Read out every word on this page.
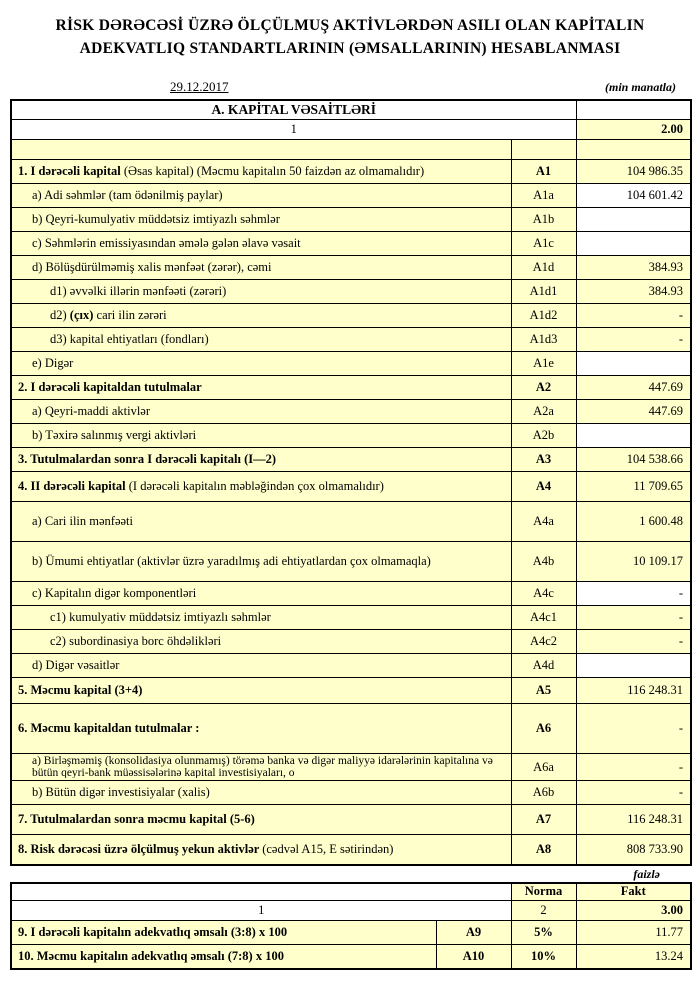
RİSK DƏRƏCƏSİ ÜZRƏ ÖLÇÜLMUŞ AKTİVLƏRDƏN ASILI OLAN KAPİTALIN
ADEKVATLIQ STANDARTLARININ (ƏMSALLARININ) HESABLANMASI
29.12.2017	(min manatla)
A. KAPİTAL VƏSAİTLƏRİ		
1		2.00

1. I dərəcəli kapital (Əsas kapital) (Məcmu kapitalın 50 faizdən az olmamalıdır)	A1	104 986.35
a) Adi səhmlər (tam ödənilmiş paylar)	A1a	104 601.42
b) Qeyri-kumulyativ müddətsiz imtiyazlı səhmlər	A1b	
c) Səhmlərin emissiyasından əmələ gələn əlavə vəsait	A1c	
d) Bölüşdürülməmiş xalis mənfəət (zərər), cəmi	A1d	384.93
d1) əvvəlki illərin mənfəəti (zərəri)	A1d1	384.93
d2) (çıx) cari ilin zərəri	A1d2	-
d3) kapital ehtiyatları (fondları)	A1d3	-
e) Digər	A1e	
2. I dərəcəli kapitaldan tutulmalar	A2	447.69
a) Qeyri-maddi aktivlər	A2a	447.69
b) Təxirə salınmış vergi aktivləri	A2b	
3. Tutulmalardan sonra I dərəcəli kapitalı (I—2)	A3	104 538.66
4. II dərəcəli kapital (I dərəcəli kapitalın məbləğindən çox olmamalıdır)	A4	11 709.65
a) Cari ilin mənfəəti	A4a	1 600.48
b) Ümumi ehtiyatlar (aktivlər üzrə yaradılmış adi ehtiyatlardan çox olmamaqla)	A4b	10 109.17
c) Kapitalın digər komponentləri	A4c	-
c1) kumulyativ müddətsiz imtiyazlı səhmlər	A4c1	-
c2) subordinasiya borc öhdəlikləri	A4c2	-
d) Digər vəsaitlər	A4d	
5. Məcmu kapital (3+4)	A5	116 248.31
6. Məcmu kapitaldan tutulmalar :	A6	-

a) Birləşməmiş (konsolidasiya olunmamış) törəmə banka və digər maliyyə idarələrinin kapitalına və bütün qeyri-bank müəssisələrinə kapital investisiyaları, o	A6a	-
b) Bütün digər investisiyalar (xalis)	A6b	-
7. Tutulmalardan sonra məcmu kapital (5-6)	A7	116 248.31
8. Risk dərəcəsi üzrə ölçülmuş yekun aktivlər (cədvəl A15, E sətirindən)	A8	808 733.90
faizlə
		Norma	Fakt
1		2	3.00
9. I dərəcəli kapitalın adekvatlıq əmsalı (3:8) x 100	A9	5%	11.77
10. Məcmu kapitalın adekvatlıq əmsalı (7:8) x 100	A10	10%	13.24
